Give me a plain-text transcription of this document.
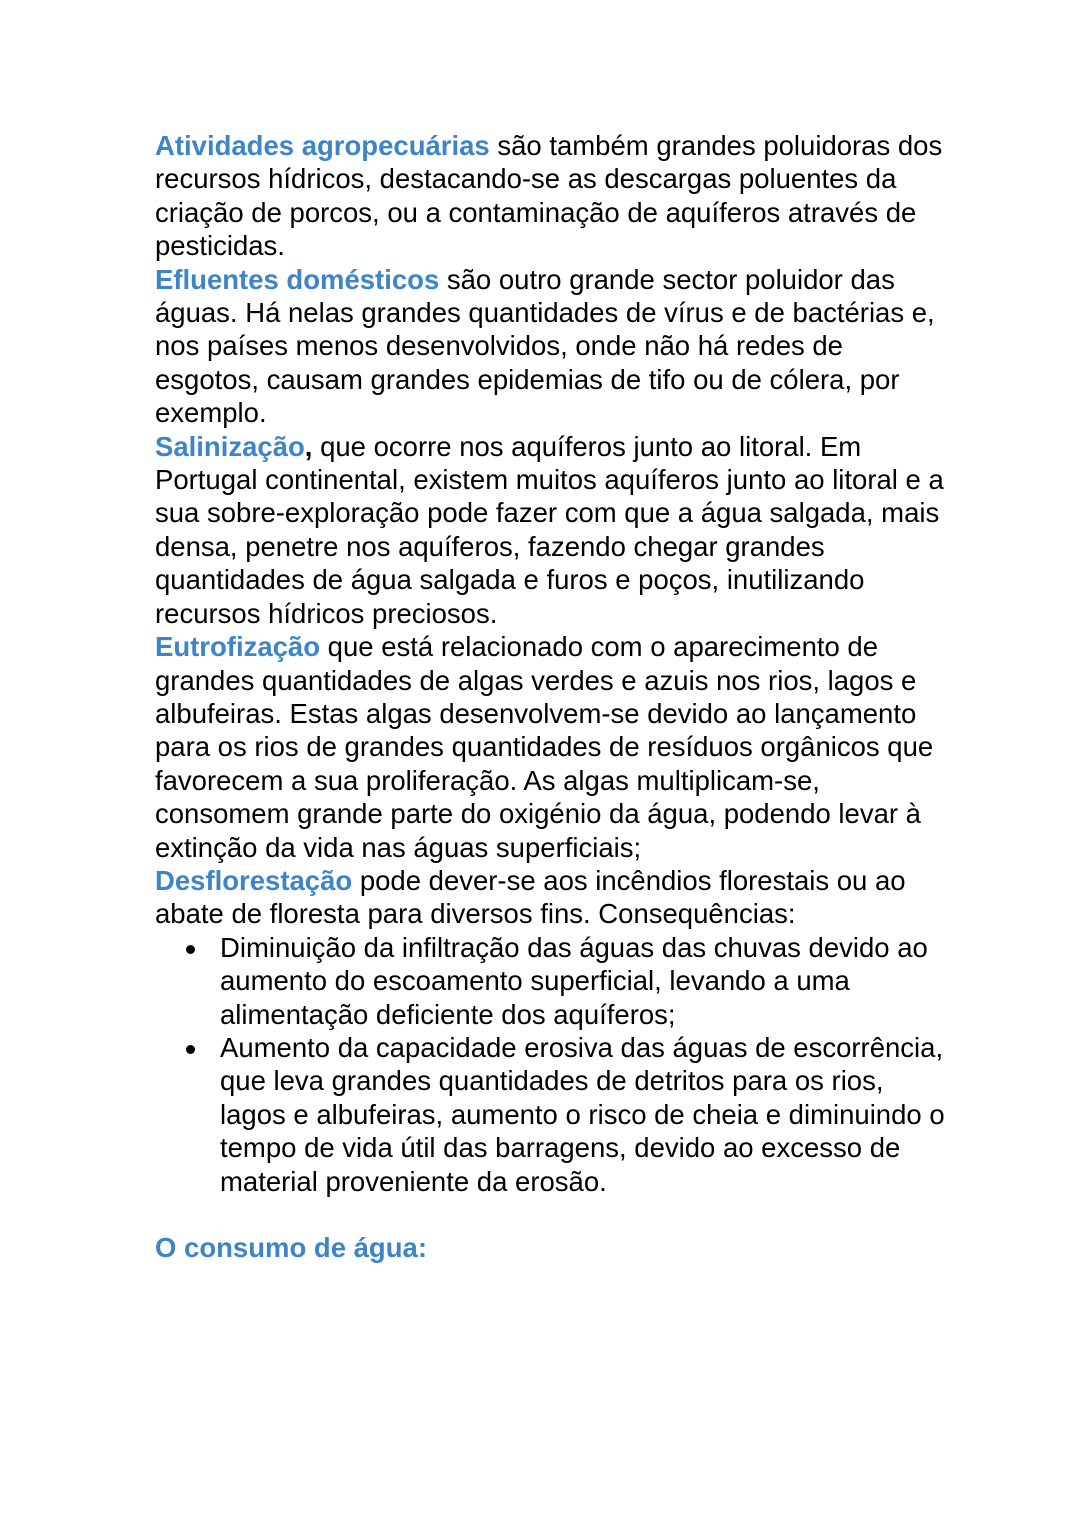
Atividades agropecuárias são também grandes poluidoras dos recursos hídricos, destacando-se as descargas poluentes da criação de porcos, ou a contaminação de aquíferos através de pesticidas.

Efluentes domésticos são outro grande sector poluidor das águas. Há nelas grandes quantidades de vírus e de bactérias e, nos países menos desenvolvidos, onde não há redes de esgotos, causam grandes epidemias de tifo ou de cólera, por exemplo.

Salinização, que ocorre nos aquíferos junto ao litoral. Em Portugal continental, existem muitos aquíferos junto ao litoral e a sua sobre-exploração pode fazer com que a água salgada, mais densa, penetre nos aquíferos, fazendo chegar grandes quantidades de água salgada e furos e poços, inutilizando recursos hídricos preciosos.

Eutrofização que está relacionado com o aparecimento de grandes quantidades de algas verdes e azuis nos rios, lagos e albufeiras. Estas algas desenvolvem-se devido ao lançamento para os rios de grandes quantidades de resíduos orgânicos que favorecem a sua proliferação. As algas multiplicam-se, consomem grande parte do oxigénio da água, podendo levar à extinção da vida nas águas superficiais;

Desflorestação pode dever-se aos incêndios florestais ou ao abate de floresta para diversos fins. Consequências:

Diminuição da infiltração das águas das chuvas devido ao aumento do escoamento superficial, levando a uma alimentação deficiente dos aquíferos;
Aumento da capacidade erosiva das águas de escorrência, que leva grandes quantidades de detritos para os rios, lagos e albufeiras, aumento o risco de cheia e diminuindo o tempo de vida útil das barragens, devido ao excesso de material proveniente da erosão.

O consumo de água:
